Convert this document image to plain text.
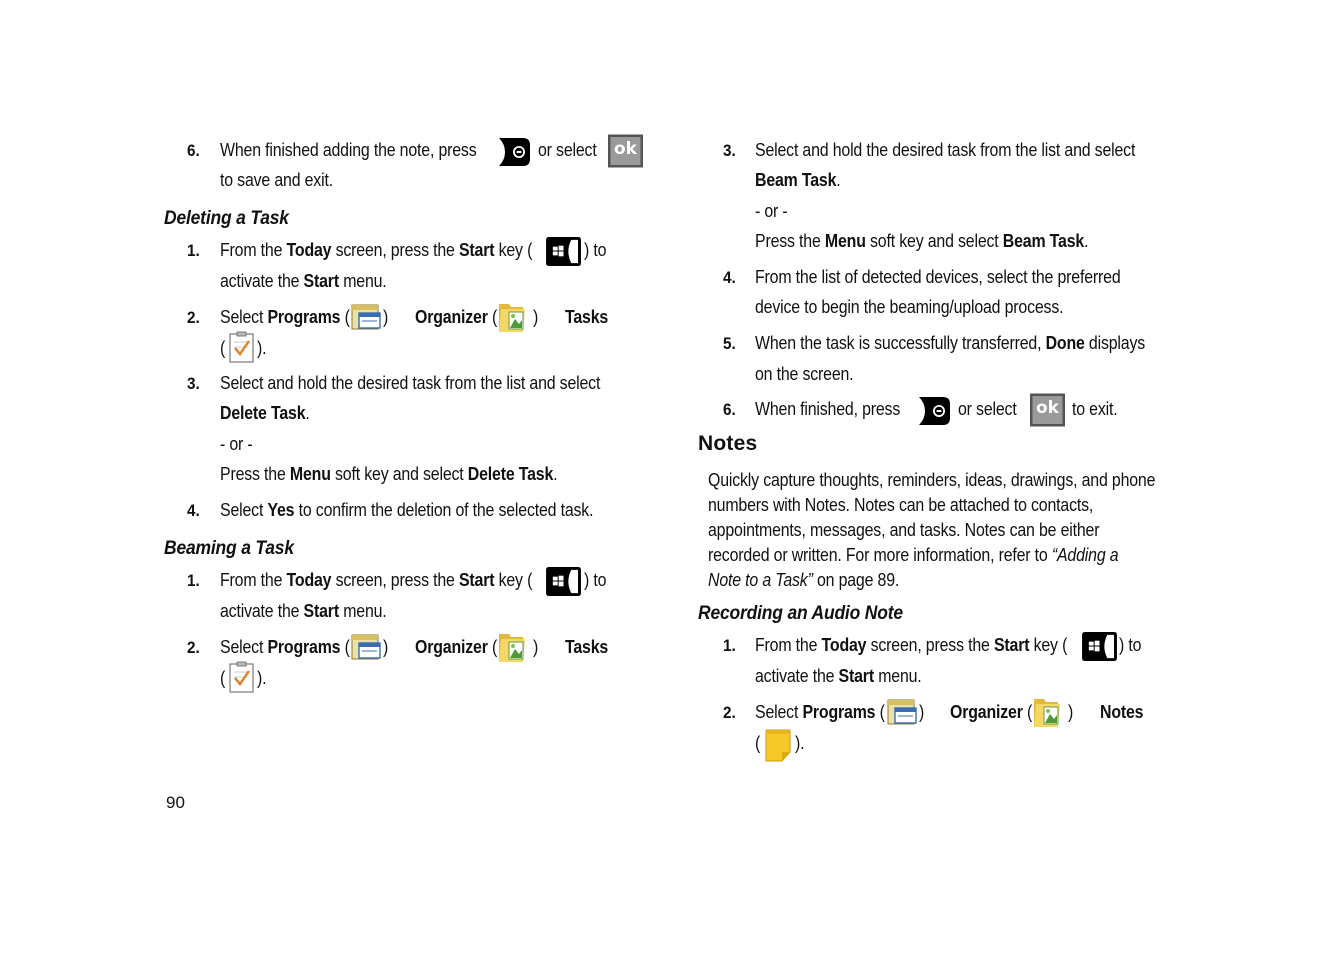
6. When finished adding the note, press	or select ok
to save and exit.
Deleting a Task
1. From the Today screen, press the Start key (	) to
activate the Start menu.
2. Select Programs ( ) Organizer ( ) Tasks
( ).
3. Select and hold the desired task from the list and select
Delete Task.
- or -
Press the Menu soft key and select Delete Task.
4. Select Yes to confirm the deletion of the selected task.
Beaming a Task
1. From the Today screen, press the Start key (	) to
activate the Start menu.
2. Select Programs ( ) Organizer ( ) Tasks
( ).
90
3. Select and hold the desired task from the list and select
Beam Task.
- or -
Press the Menu soft key and select Beam Task.
4. From the list of detected devices, select the preferred
device to begin the beaming/upload process.
5. When the task is successfully transferred, Done displays
on the screen.
6. When finished, press	or select ok to exit.
Notes
Quickly capture thoughts, reminders, ideas, drawings, and phone
numbers with Notes. Notes can be attached to contacts,
appointments, messages, and tasks. Notes can be either
recorded or written. For more information, refer to “Adding a
Note to a Task” on page 89.
Recording an Audio Note
1. From the Today screen, press the Start key (	) to
activate the Start menu.
2. Select Programs ( ) Organizer ( ) Notes
( ).
